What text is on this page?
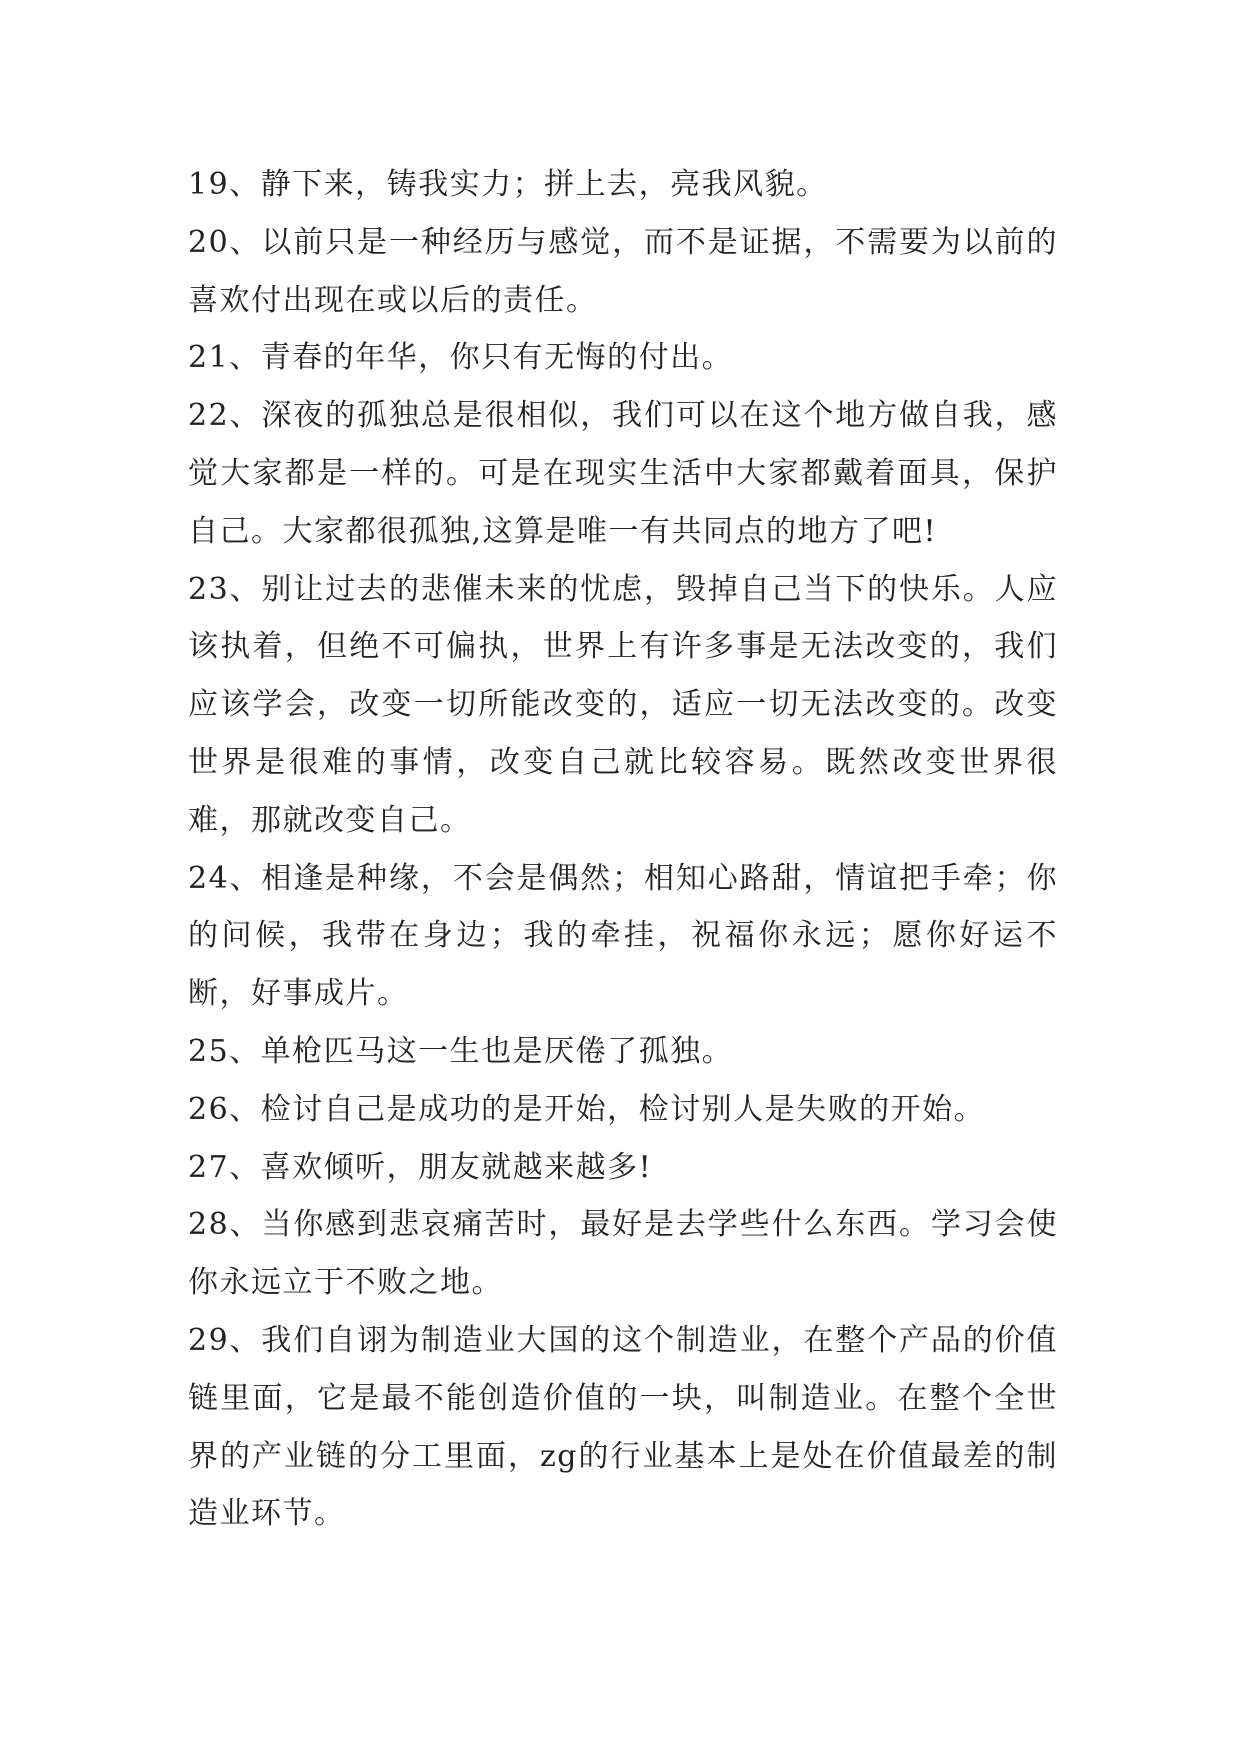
19、静下来，铸我实力；拼上去，亮我风貌。

20、以前只是一种经历与感觉，而不是证据，不需要为以前的喜欢付出现在或以后的责任。

21、青春的年华，你只有无悔的付出。

22、深夜的孤独总是很相似，我们可以在这个地方做自我，感觉大家都是一样的。可是在现实生活中大家都戴着面具，保护自己。大家都很孤独,这算是唯一有共同点的地方了吧!

23、别让过去的悲催未来的忧虑，毁掉自己当下的快乐。人应该执着，但绝不可偏执，世界上有许多事是无法改变的，我们应该学会，改变一切所能改变的，适应一切无法改变的。改变世界是很难的事情，改变自己就比较容易。既然改变世界很难，那就改变自己。

24、相逢是种缘，不会是偶然；相知心路甜，情谊把手牵；你的问候，我带在身边；我的牵挂，祝福你永远；愿你好运不断，好事成片。

25、单枪匹马这一生也是厌倦了孤独。

26、检讨自己是成功的是开始，检讨别人是失败的开始。

27、喜欢倾听，朋友就越来越多!

28、当你感到悲哀痛苦时，最好是去学些什么东西。学习会使你永远立于不败之地。

29、我们自诩为制造业大国的这个制造业，在整个产品的价值链里面，它是最不能创造价值的一块，叫制造业。在整个全世界的产业链的分工里面，zg的行业基本上是处在价值最差的制造业环节。
